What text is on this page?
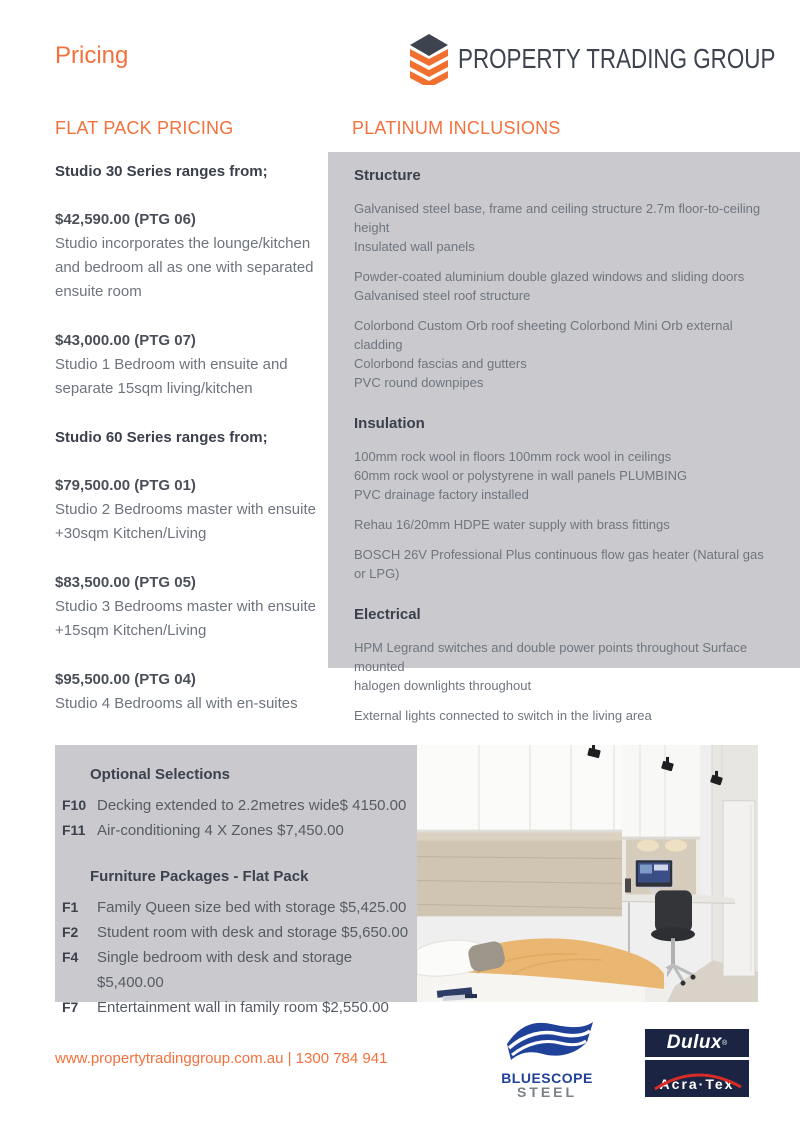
Pricing	PROPERTY TRADING GROUP
FLAT PACK PRICING	PLATINUM INCLUSIONS
Studio 30 Series ranges from;
$42,590.00 (PTG 06)
Studio incorporates the lounge/kitchen
and bedroom all as one with separated
ensuite room
$43,000.00 (PTG 07)
Studio 1 Bedroom with ensuite and
separate 15sqm living/kitchen
Studio 60 Series ranges from;
$79,500.00 (PTG 01)
Studio 2 Bedrooms master with ensuite
+30sqm Kitchen/Living
$83,500.00 (PTG 05)
Studio 3 Bedrooms master with ensuite
+15sqm Kitchen/Living
$95,500.00 (PTG 04)
Studio 4 Bedrooms all with en-suites
Structure

Galvanised steel base, frame and ceiling structure 2.7m floor-to-ceiling height
Insulated wall panels

Powder-coated aluminium double glazed windows and sliding doors
Galvanised steel roof structure

Colorbond Custom Orb roof sheeting Colorbond Mini Orb external cladding
Colorbond fascias and gutters
PVC round downpipes

Insulation

100mm rock wool in floors 100mm rock wool in ceilings
60mm rock wool or polystyrene in wall panels PLUMBING
PVC drainage factory installed

Rehau 16/20mm HDPE water supply with brass fittings

BOSCH 26V Professional Plus continuous flow gas heater (Natural gas or LPG)

Electrical

HPM Legrand switches and double power points throughout Surface mounted
halogen downlights throughout

External lights connected to switch in the living area

Optional Selections
F10 Decking extended to 2.2metres wide$ 4150.00
F11 Air-conditioning 4 X Zones $7,450.00
Furniture Packages - Flat Pack
F1	Family Queen size bed with storage $5,425.00
F2	Student room with desk and storage $5,650.00
F4	Single bedroom with desk and storage $5,400.00
F7	Entertainment wall in family room $2,550.00
www.propertytradinggroup.com.au | 1300 784 941
BLUESCOPE
STEEL
Dulux ®
Acra·Tex
